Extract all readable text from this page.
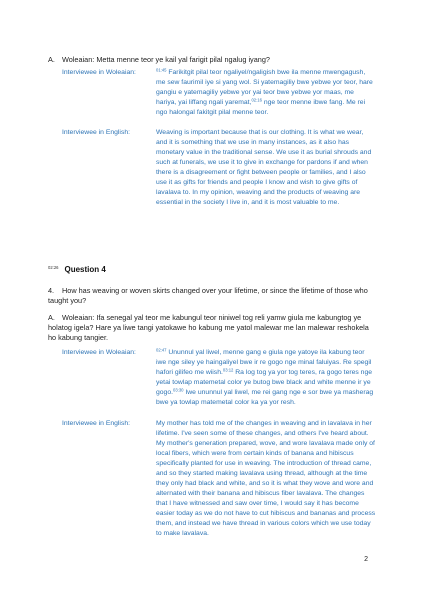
A. Woleaian: Metta menne teor ye kail yal farigit pilal ngalug iyang?
Interviewee in Woleaian:	$^{01:45}$ Farikitgit pilal teor ngaliyel/ngaligish bwe ila menne mwengagush, me sew faurimil iye si yang wol. Si yatemagiliy bwe yebwe yor teor, hare gangiu e yatemagiliy yebwe yor yai teor bwe yebwe yor maas, me hariya, yai liffang ngali yaremat,$^{02:16}$ nge teor menne ibwe fang. Me rei ngo halongal fakitgit pilal menne teor.
Interviewee in English:	Weaving is important because that is our clothing. It is what we wear, and it is something that we use in many instances, as it also has monetary value in the traditional sense. We use it as burial shrouds and such at funerals, we use it to give in exchange for pardons if and when there is a disagreement or fight between people or families, and I also use it as gifts for friends and people I know and wish to give gifts of lavalava to. In my opinion, weaving and the products of weaving are essential in the society I live in, and it is most valuable to me.
$^{02:26}$ Question 4
4. How has weaving or woven skirts changed over your lifetime, or since the lifetime of those who taught you?
A. Woleaian: Ifa senegal yal teor me kabungul teor niniwel tog reli yamw giula me kabungtog ye holatog igela? Hare ya liwe tangi yatokawe ho kabung me yatol malewar me lan malewar reshokela ho kabung tangier.
Interviewee in Woleaian:	$^{02:47}$ Ununnul yal liwel, menne gang e giula nge yatoye ila kabung teor iwe nge siley ye haingaliyel bwe ir re gogo nge minal faluiyas. Re spegil hafori gilifeo me wiish.$^{03:12}$ Ra log tog ya yor tog teres, ra gogo teres nge yetai towlap matemetal color ye butog bwe black and white menne ir ye gogo.$^{03:30}$ Iwe ununnul yal liwel, me rei gang nge e sor bwe ya masherag bwe ya towlap matemetal color ka ya yor resh.
Interviewee in English:	My mother has told me of the changes in weaving and in lavalava in her lifetime. I've seen some of these changes, and others I've heard about. My mother's generation prepared, wove, and wore lavalava made only of local fibers, which were from certain kinds of banana and hibiscus specifically planted for use in weaving. The introduction of thread came, and so they started making lavalava using thread, although at the time they only had black and white, and so it is what they wove and wore and alternated with their banana and hibiscus fiber lavalava. The changes that I have witnessed and saw over time, I would say it has become easier today as we do not have to cut hibiscus and bananas and process them, and instead we have thread in various colors which we use today to make lavalava.
2
